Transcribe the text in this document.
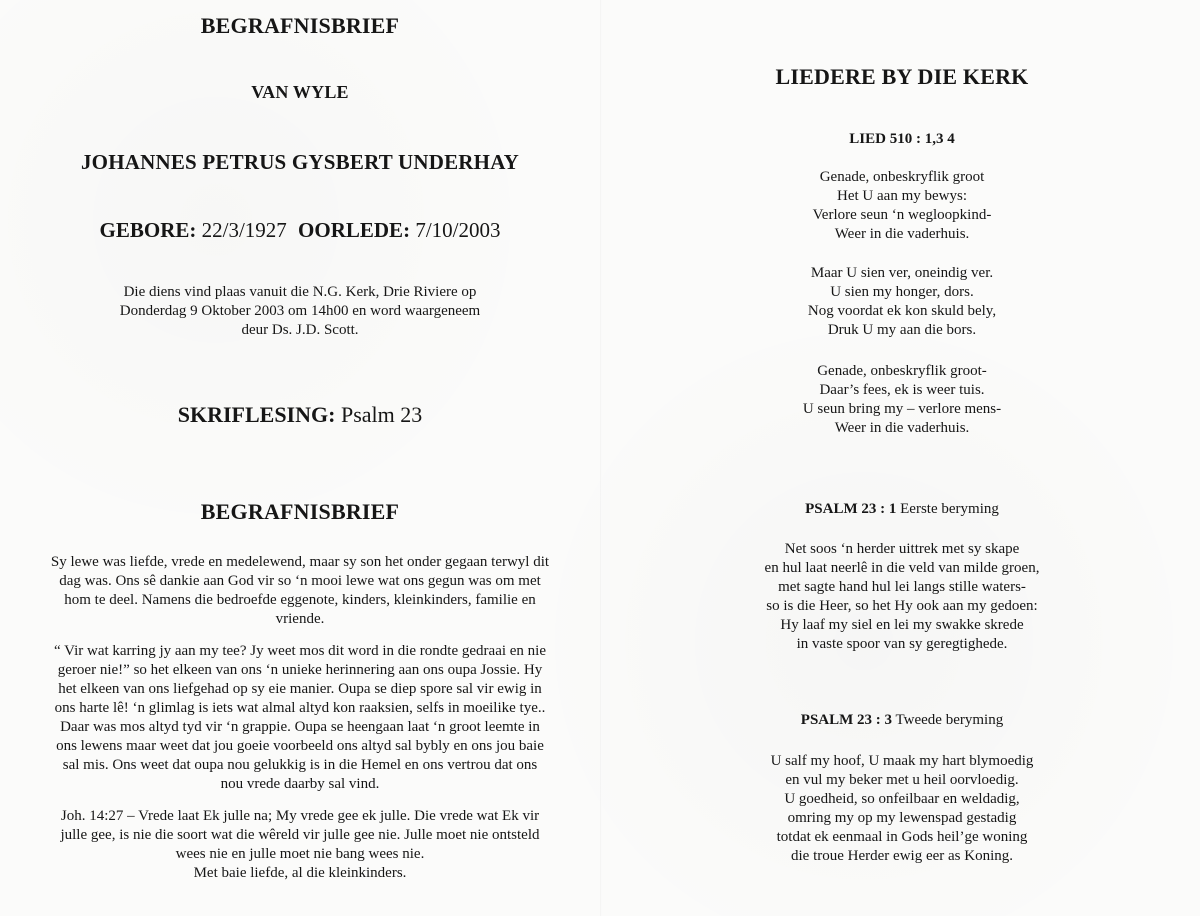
BEGRAFNISBRIEF
VAN WYLE
JOHANNES PETRUS GYSBERT UNDERHAY
GEBORE: 22/3/1927 OORLEDE: 7/10/2003
Die diens vind plaas vanuit die N.G. Kerk, Drie Riviere op
Donderdag 9 Oktober 2003 om 14h00 en word waargeneem
deur Ds. J.D. Scott.
SKRIFLESING: Psalm 23
BEGRAFNISBRIEF
Sy lewe was liefde, vrede en medelewend, maar sy son het onder gegaan terwyl dit
dag was. Ons sê dankie aan God vir so ‘n mooi lewe wat ons gegun was om met
hom te deel. Namens die bedroefde eggenote, kinders, kleinkinders, familie en
vriende.
“ Vir wat karring jy aan my tee? Jy weet mos dit word in die rondte gedraai en nie
geroer nie!” so het elkeen van ons ‘n unieke herinnering aan ons oupa Jossie. Hy
het elkeen van ons liefgehad op sy eie manier. Oupa se diep spore sal vir ewig in
ons harte lê! ‘n glimlag is iets wat almal altyd kon raaksien, selfs in moeilike tye..
Daar was mos altyd tyd vir ‘n grappie. Oupa se heengaan laat ‘n groot leemte in
ons lewens maar weet dat jou goeie voorbeeld ons altyd sal bybly en ons jou baie
sal mis. Ons weet dat oupa nou gelukkig is in die Hemel en ons vertrou dat ons
nou vrede daarby sal vind.
Joh. 14:27 – Vrede laat Ek julle na; My vrede gee ek julle. Die vrede wat Ek vir
julle gee, is nie die soort wat die wêreld vir julle gee nie. Julle moet nie ontsteld
wees nie en julle moet nie bang wees nie.
Met baie liefde, al die kleinkinders.
LIEDERE BY DIE KERK
LIED 510 : 1,3 4
Genade, onbeskryflik groot
Het U aan my bewys:
Verlore seun ‘n wegloopkind-
Weer in die vaderhuis.
Maar U sien ver, oneindig ver.
U sien my honger, dors.
Nog voordat ek kon skuld bely,
Druk U my aan die bors.
Genade, onbeskryflik groot-
Daar’s fees, ek is weer tuis.
U seun bring my – verlore mens-
Weer in die vaderhuis.
PSALM 23 : 1 Eerste beryming
Net soos ‘n herder uittrek met sy skape
en hul laat neerlê in die veld van milde groen,
met sagte hand hul lei langs stille waters-
so is die Heer, so het Hy ook aan my gedoen:
Hy laaf my siel en lei my swakke skrede
in vaste spoor van sy geregtighede.
PSALM 23 : 3 Tweede beryming
U salf my hoof, U maak my hart blymoedig
en vul my beker met u heil oorvloedig.
U goedheid, so onfeilbaar en weldadig,
omring my op my lewenspad gestadig
totdat ek eenmaal in Gods heil’ge woning
die troue Herder ewig eer as Koning.
